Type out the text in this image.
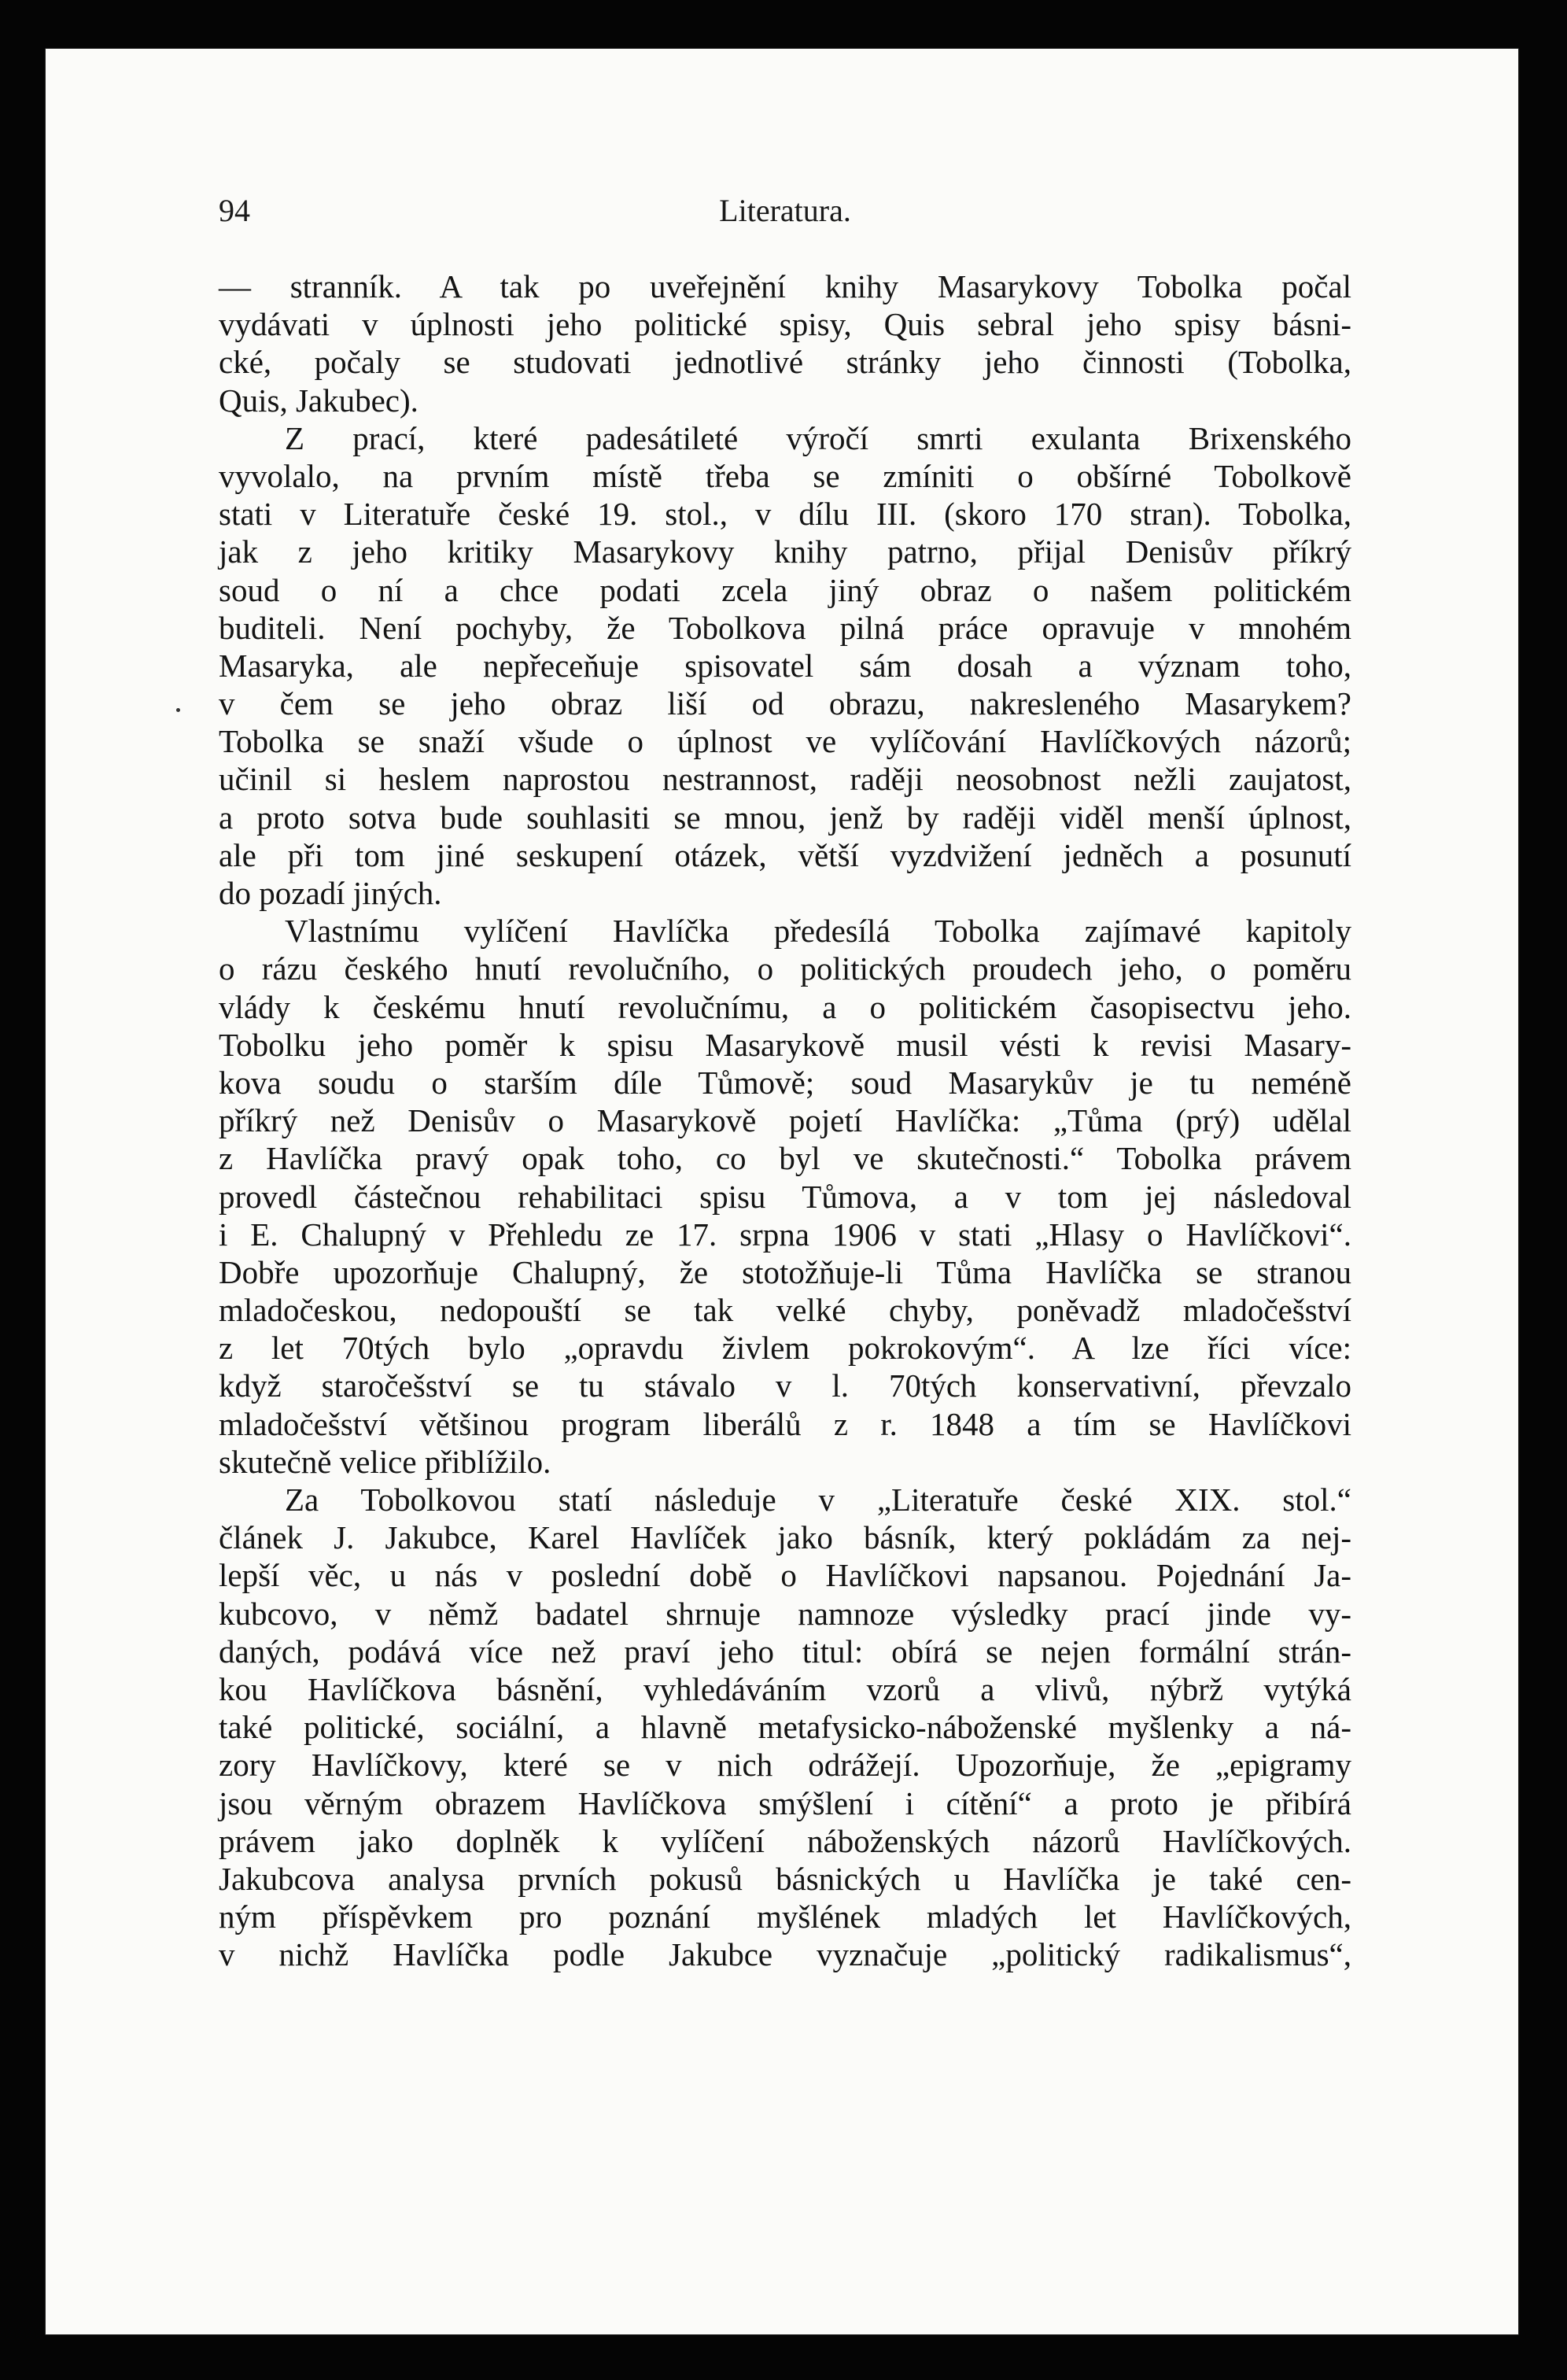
94	Literatura.
— stranník. A tak po uveřejnění knihy Masarykovy Tobolka počal
vydávati v úplnosti jeho politické spisy, Quis sebral jeho spisy básni-
cké, počaly se studovati jednotlivé stránky jeho činnosti (Tobolka,
Quis, Jakubec).
Z prací, které padesátileté výročí smrti exulanta Brixenského
vyvolalo, na prvním místě třeba se zmíniti o obšírné Tobolkově
stati v Literatuře české 19. stol., v dílu III. (skoro 170 stran). Tobolka,
jak z jeho kritiky Masarykovy knihy patrno, přijal Denisův příkrý
soud o ní a chce podati zcela jiný obraz o našem politickém
buditeli. Není pochyby, že Tobolkova pilná práce opravuje v mnohém
Masaryka, ale nepřeceňuje spisovatel sám dosah a význam toho,
v čem se jeho obraz liší od obrazu, nakresleného Masarykem?
Tobolka se snaží všude o úplnost ve vylíčování Havlíčkových názorů;
učinil si heslem naprostou nestrannost, raději neosobnost nežli zaujatost,
a proto sotva bude souhlasiti se mnou, jenž by raději viděl menší úplnost,
ale při tom jiné seskupení otázek, větší vyzdvižení jedněch a posunutí
do pozadí jiných.
Vlastnímu vylíčení Havlíčka předesílá Tobolka zajímavé kapitoly
o rázu českého hnutí revolučního, o politických proudech jeho, o poměru
vlády k českému hnutí revolučnímu, a o politickém časopisectvu jeho.
Tobolku jeho poměr k spisu Masarykově musil vésti k revisi Masary-
kova soudu o starším díle Tůmově; soud Masarykův je tu neméně
příkrý než Denisův o Masarykově pojetí Havlíčka: „Tůma (prý) udělal
z Havlíčka pravý opak toho, co byl ve skutečnosti.“ Tobolka právem
provedl částečnou rehabilitaci spisu Tůmova, a v tom jej následoval
i E. Chalupný v Přehledu ze 17. srpna 1906 v stati „Hlasy o Havlíčkovi“.
Dobře upozorňuje Chalupný, že stotožňuje-li Tůma Havlíčka se stranou
mladočeskou, nedopouští se tak velké chyby, poněvadž mladočešství
z let 70tých bylo „opravdu živlem pokrokovým“. A lze říci více:
když staročešství se tu stávalo v l. 70tých konservativní, převzalo
mladočešství většinou program liberálů z r. 1848 a tím se Havlíčkovi
skutečně velice přiblížilo.
Za Tobolkovou statí následuje v „Literatuře české XIX. stol.“
článek J. Jakubce, Karel Havlíček jako básník, který pokládám za nej-
lepší věc, u nás v poslední době o Havlíčkovi napsanou. Pojednání Ja-
kubcovo, v němž badatel shrnuje namnoze výsledky prací jinde vy-
daných, podává více než praví jeho titul: obírá se nejen formální strán-
kou Havlíčkova básnění, vyhledáváním vzorů a vlivů, nýbrž vytýká
také politické, sociální, a hlavně metafysicko-náboženské myšlenky a ná-
zory Havlíčkovy, které se v nich odrážejí. Upozorňuje, že „epigramy
jsou věrným obrazem Havlíčkova smýšlení i cítění“ a proto je přibírá
právem jako doplněk k vylíčení náboženských názorů Havlíčkových.
Jakubcova analysa prvních pokusů básnických u Havlíčka je také cen-
ným příspěvkem pro poznání myšlének mladých let Havlíčkových,
v nichž Havlíčka podle Jakubce vyznačuje „politický radikalismus“,
